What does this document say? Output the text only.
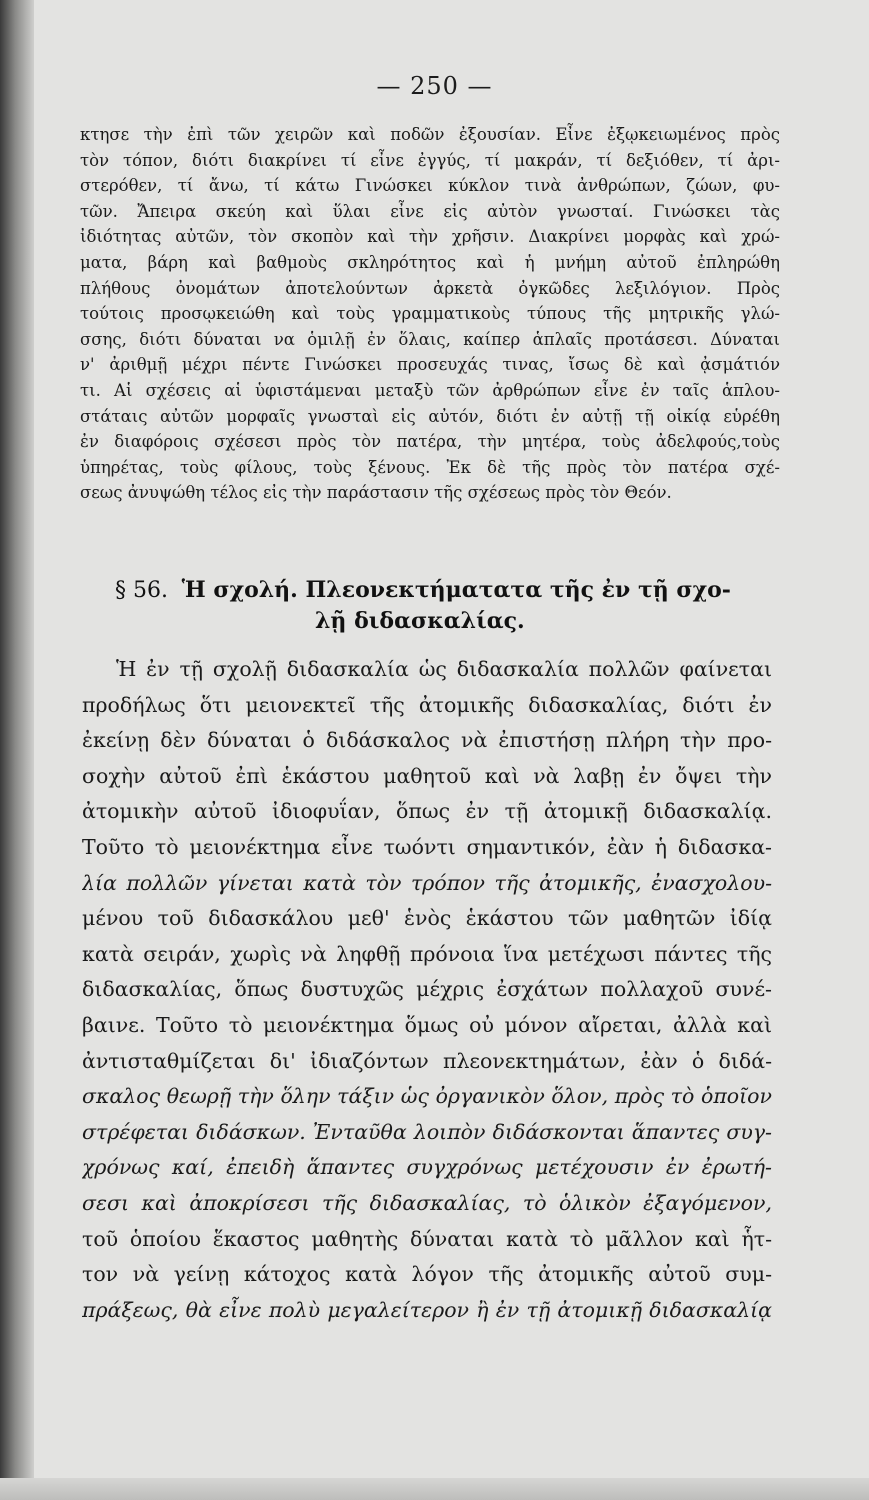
— 250 —

κτησε τὴν ἐπὶ τῶν χειρῶν καὶ ποδῶν ἐξουσίαν. Εἶνε ἐξῳκειωμένος πρὸς

τὸν τόπον, διότι διακρίνει τί εἶνε ἐγγύς, τί μακράν, τί δεξιόθεν, τί ἀρι-

στερόθεν, τί ἄνω, τί κάτω Γινώσκει κύκλον τινὰ ἀνθρώπων, ζώων, φυ-

τῶν. Ἄπειρα σκεύη καὶ ὕλαι εἶνε εἰς αὐτὸν γνωσταί. Γινώσκει τὰς

ἰδιότητας αὐτῶν, τὸν σκοπὸν καὶ τὴν χρῆσιν. Διακρίνει μορφὰς καὶ χρώ-

ματα, βάρη καὶ βαθμοὺς σκληρότητος καὶ ἡ μνήμη αὐτοῦ ἐπληρώθη

πλήθους ὀνομάτων ἀποτελούντων ἀρκετὰ ὀγκῶδες λεξιλόγιον. Πρὸς

τούτοις προσῳκειώθη καὶ τοὺς γραμματικοὺς τύπους τῆς μητρικῆς γλώ-

σσης, διότι δύναται να ὁμιλῇ ἐν ὅλαις, καίπερ ἁπλαῖς προτάσεσι. Δύναται

ν' ἀριθμῇ μέχρι πέντε Γινώσκει προσευχάς τινας, ἴσως δὲ καὶ ᾀσμάτιόν

τι. Αἱ σχέσεις αἱ ὑφιστάμεναι μεταξὺ τῶν ἀρθρώπων εἶνε ἐν ταῖς ἁπλου-

στάταις αὐτῶν μορφαῖς γνωσταὶ εἰς αὐτόν, διότι ἐν αὐτῇ τῇ οἰκίᾳ εὑρέθη

ἐν διαφόροις σχέσεσι πρὸς τὸν πατέρα, τὴν μητέρα, τοὺς ἀδελφούς,τοὺς

ὑπηρέτας, τοὺς φίλους, τοὺς ξένους. Ἐκ δὲ τῆς πρὸς τὸν πατέρα σχέ-

σεως ἀνυψώθη τέλος εἰς τὴν παράστασιν τῆς σχέσεως πρὸς τὸν Θεόν.

§ 56. Ἡ σχολή. Πλεονεκτήματατα τῆς ἐν τῇ σχο-
λῇ διδασκαλίας.

Ἡ ἐν τῇ σχολῇ διδασκαλία ὡς διδασκαλία πολλῶν φαίνεται

προδήλως ὅτι μειονεκτεῖ τῆς ἀτομικῆς διδασκαλίας, διότι ἐν

ἐκείνῃ δὲν δύναται ὁ διδάσκαλος νὰ ἐπιστήσῃ πλήρη τὴν προ-

σοχὴν αὐτοῦ ἐπὶ ἑκάστου μαθητοῦ καὶ νὰ λαβῃ ἐν ὄψει τὴν

ἀτομικὴν αὐτοῦ ἰδιοφυΐαν, ὅπως ἐν τῇ ἀτομικῇ διδασκαλίᾳ.

Τοῦτο τὸ μειονέκτημα εἶνε τωόντι σημαντικόν, ἐὰν ἡ διδασκα-

λία πολλῶν γίνεται κατὰ τὸν τρόπον τῆς ἀτομικῆς, ἐνασχολου-

μένου τοῦ διδασκάλου μεθ' ἑνὸς ἑκάστου τῶν μαθητῶν ἰδίᾳ

κατὰ σειράν, χωρὶς νὰ ληφθῇ πρόνοια ἵνα μετέχωσι πάντες τῆς

διδασκαλίας, ὅπως δυστυχῶς μέχρις ἐσχάτων πολλαχοῦ συνέ-

βαινε. Τοῦτο τὸ μειονέκτημα ὅμως οὐ μόνον αἴρεται, ἀλλὰ καὶ

ἀντισταθμίζεται δι' ἰδιαζόντων πλεονεκτημάτων, ἐὰν ὁ διδά-

σκαλος θεωρῇ τὴν ὅλην τάξιν ὡς ὀργανικὸν ὅλον, πρὸς τὸ ὁποῖον

στρέφεται διδάσκων. Ἐνταῦθα λοιπὸν διδάσκονται ἅπαντες συγ-

χρόνως καί, ἐπειδὴ ἅπαντες συγχρόνως μετέχουσιν ἐν ἐρωτή-

σεσι καὶ ἀποκρίσεσι τῆς διδασκαλίας, τὸ ὁλικὸν ἐξαγόμενον,

τοῦ ὁποίου ἕκαστος μαθητὴς δύναται κατὰ τὸ μᾶλλον καὶ ἧτ-

τον νὰ γείνῃ κάτοχος κατὰ λόγον τῆς ἀτομικῆς αὐτοῦ συμ-

πράξεως, θὰ εἶνε πολὺ μεγαλείτερον ἢ ἐν τῇ ἀτομικῇ διδασκαλίᾳ
